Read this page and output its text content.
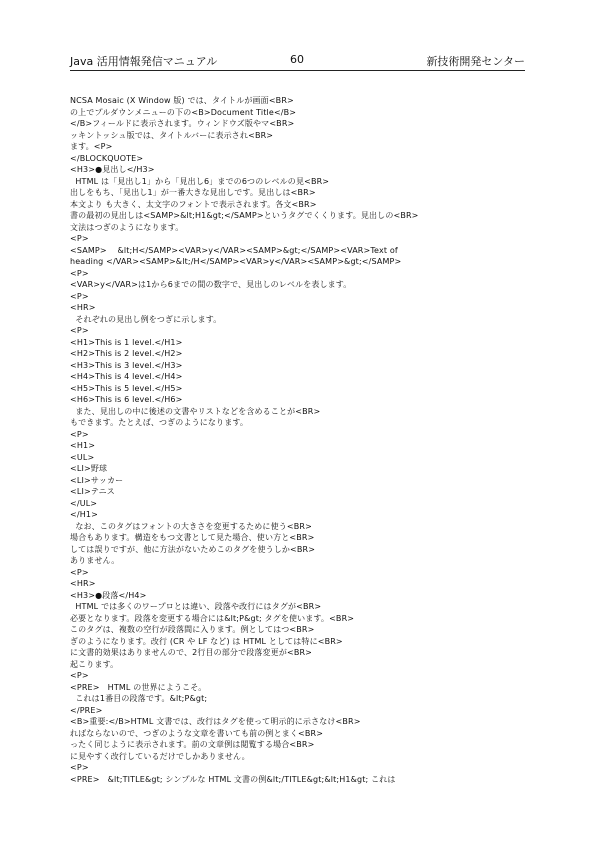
Java 活用情報発信マニュアル	60	新技術開発センター
NCSA Mosaic (X Window 版) では、タイトルが画面<BR>
の上でプルダウンメニューの下の<B>Document Title</B>
</B>フィールドに表示されます。ウィンドウズ版やマ<BR>
ッキントッシュ版では、タイトルバーに表示され<BR>
ます。<P>
</BLOCKQUOTE>
<H3>●見出し</H3>
HTML は「見出し1」から「見出し6」までの6つのレベルの見<BR>
出しをもち、「見出し1」が一番大きな見出しです。見出しは<BR>
本文より も大きく、太文字のフォントで表示されます。各文<BR>
書の最初の見出しは<SAMP>&lt;H1&gt;</SAMP>というタグでくくります。見出しの<BR>
文法はつぎのようになります。
<P>
<SAMP>    &lt;H</SAMP><VAR>y</VAR><SAMP>&gt;</SAMP><VAR>Text of
heading </VAR><SAMP>&lt;/H</SAMP><VAR>y</VAR><SAMP>&gt;</SAMP>
<P>
<VAR>y</VAR>は1から6までの間の数字で、見出しのレベルを表します。
<P>
<HR>
それぞれの見出し例をつぎに示します。
<P>
<H1>This is 1 level.</H1>
<H2>This is 2 level.</H2>
<H3>This is 3 level.</H3>
<H4>This is 4 level.</H4>
<H5>This is 5 level.</H5>
<H6>This is 6 level.</H6>
また、見出しの中に後述の文書やリストなどを含めることが<BR>
もできます。たとえば、つぎのようになります。
<P>
<H1>
<UL>
<LI>野球
<LI>サッカー
<LI>テニス
</UL>
</H1>
なお、このタグはフォントの大きさを変更するために使う<BR>
場合もあります。構造をもつ文書として見た場合、使い方と<BR>
しては誤りですが、他に方法がないためこのタグを使うしか<BR>
ありません。
<P>
<HR>
<H3>●段落</H4>
HTML では多くのワープロとは違い、段落や改行にはタグが<BR>
必要となります。段落を変更する場合には&lt;P&gt; タグを使います。<BR>
このタグは、複数の空行が段落間に入ります。例としてはつ<BR>
ぎのようになります。改行 (CR や LF など) は HTML としては特に<BR>
に文書的効果はありませんので、2行目の部分で段落変更が<BR>
起こります。
<P>
<PRE>   HTML の世界にようこそ。
これは1番目の段落です。&lt;P&gt;
</PRE>
<B>重要:</B>HTML 文書では、改行はタグを使って明示的に示さなけ<BR>
ればならないので、つぎのような文章を書いても前の例とまく<BR>
ったく同じように表示されます。前の文章例は閲覧する場合<BR>
に見やすく改行しているだけでしかありません。
<P>
<PRE>   &lt;TITLE&gt; シンプルな HTML 文書の例&lt;/TITLE&gt;&lt;H1&gt; これは
